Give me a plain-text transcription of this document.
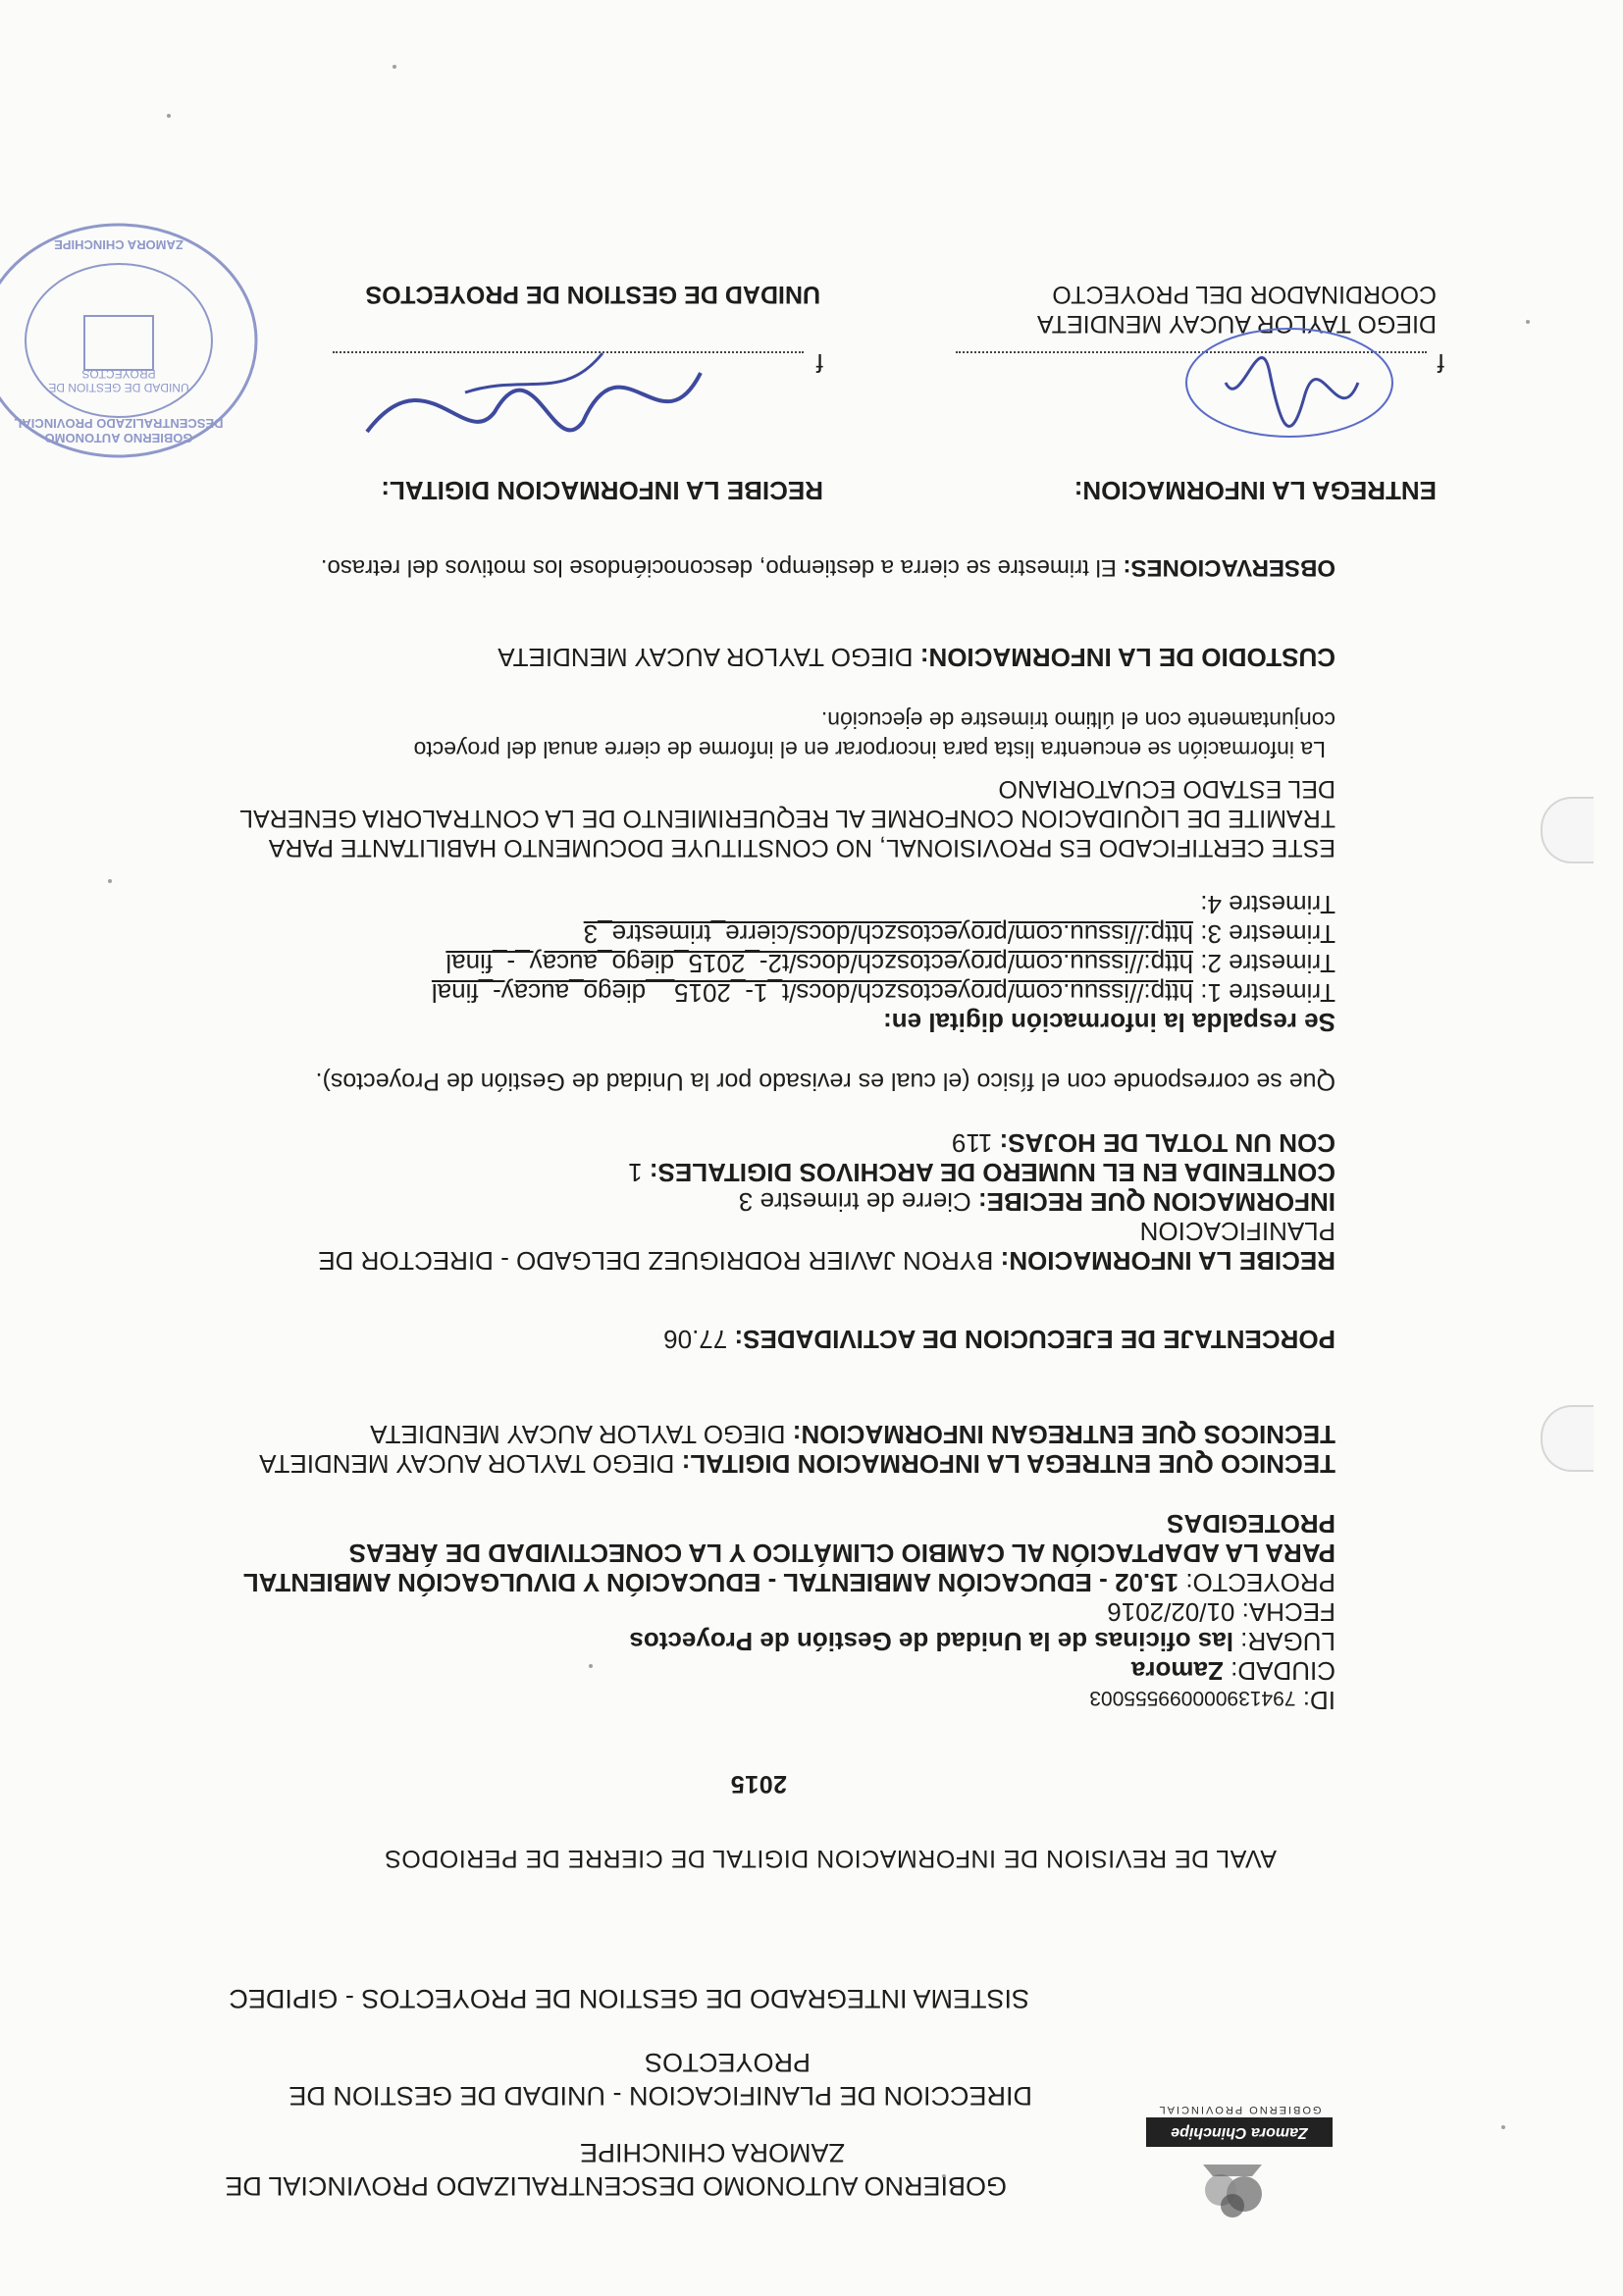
Zamora Chinchipe
GOBIERNO PROVINCIAL
GOBIERNO AUTONOMO DESCENTRALIZADO PROVINCIAL DE
ZAMORA CHINCHIPE
DIRECCION DE PLANIFICACION - UNIDAD DE GESTION DE
PROYECTOS
SISTEMA INTEGRADO DE GESTION DE PROYECTOS - GIPIDEC
AVAL DE REVISION DE INFORMACION DIGITAL DE CIERRE DE PERIODOS
2015
ID: 794139000099555003
CIUDAD: Zamora
LUGAR: las oficinas de la Unidad de Gestión de Proyectos
FECHA: 01/02/2016
PROYECTO: 15.02 - EDUCACIÓN AMBIENTAL - EDUCACIÓN Y DIVULGACIÓN AMBIENTAL
PARA LA ADAPTACIÓN AL CAMBIO CLIMÁTICO Y LA CONECTIVIDAD DE ÁREAS
PROTEGIDAS
TECNICO QUE ENTREGA LA INFORMACION DIGITAL: DIEGO TAYLOR AUCAY MENDIETA
TECNICOS QUE ENTREGAN INFORMACION: DIEGO TAYLOR AUCAY MENDIETA
PORCENTAJE DE EJECUCION DE ACTIVIDADES: 77.06
RECIBE LA INFORMACION: BYRON JAVIER RODRIGUEZ DELGADO - DIRECTOR DE
PLANIFICACION
INFORMACION QUE RECIBE: Cierre de trimestre 3
CONTENIDA EN EL NUMERO DE ARCHIVOS DIGITALES: 1
CON UN TOTAL DE HOJAS: 119
Que se corresponde con el físico (el cual es revisado por la Unidad de Gestión de Proyectos).
Se respalda la información digital en:
Trimestre 1: http://issuu.com/proyectoszch/docs/t_1-_2015__diego_aucay-_final
Trimestre 2: http://issuu.com/proyectoszch/docs/t2-_2015_diego_aucay_-_final
Trimestre 3: http://issuu.com/proyectoszch/docs/cierre_trimestre_3
Trimestre 4:
ESTE CERTIFICADO ES PROVISIONAL, NO CONSTITUYE DOCUMENTO HABILITANTE PARA
TRAMITE DE LIQUIDACION CONFORME AL REQUERIMIENTO DE LA CONTRALORIA GENERAL
DEL ESTADO ECUATORIANO
La información se encuentra lista para incorporar en el informe de cierre anual del proyecto
conjuntamente con el último trimestre de ejecución.
CUSTODIO DE LA INFORMACION: DIEGO TAYLOR AUCAY MENDIETA
OBSERVACIONES: El trimestre se cierra a destiempo, desconociéndose los motivos del retraso.
ENTREGA LA INFORMACION:
RECIBE LA INFORMACION DIGITAL:
f
DIEGO TAYLOR AUCAY MENDIETA
COORDINADOR DEL PROYECTO
f
UNIDAD DE GESTION DE PROYECTOS
GOBIERNO AUTONOMO DESCENTRALIZADO PROVINCIAL
UNIDAD DE GESTION DE PROYECTOS
ZAMORA CHINCHIPE
